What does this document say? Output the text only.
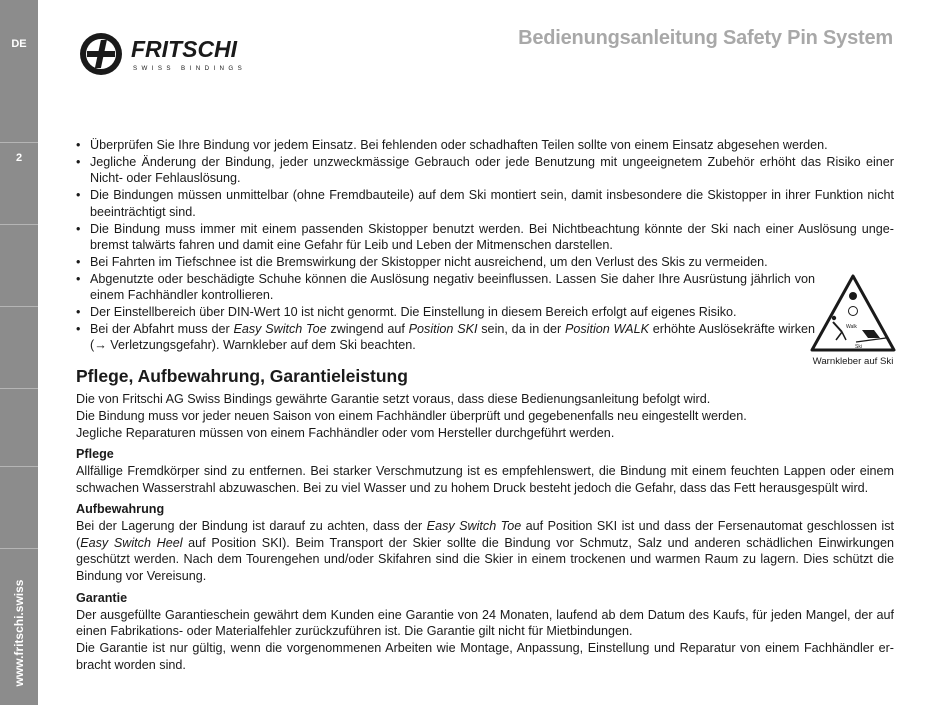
DE
2
www.fritschi.swiss
FRITSCHI
SWISS BINDINGS
Bedienungsanleitung Safety Pin System
• Überprüfen Sie Ihre Bindung vor jedem Einsatz. Bei fehlenden oder schadhaften Teilen sollte von einem Einsatz abgesehen werden.
• Jegliche Änderung der Bindung, jeder unzweckmässige Gebrauch oder jede Benutzung mit ungeeignetem Zubehör erhöht das Risiko einer Nicht- oder Fehlauslösung.
• Die Bindungen müssen unmittelbar (ohne Fremdbauteile) auf dem Ski montiert sein, damit insbesondere die Skistopper in ihrer Funktion nicht beeinträchtigt sind.
• Die Bindung muss immer mit einem passenden Skistopper benutzt werden. Bei Nichtbeachtung könnte der Ski nach einer Auslösung unge- bremst talwärts fahren und damit eine Gefahr für Leib und Leben der Mitmenschen darstellen.
• Bei Fahrten im Tiefschnee ist die Bremswirkung der Skistopper nicht ausreichend, um den Verlust des Skis zu vermeiden.
• Abgenutzte oder beschädigte Schuhe können die Auslösung negativ beeinflussen. Lassen Sie daher Ihre Ausrüstung jährlich von einem Fachhändler kontrollieren.
• Der Einstellbereich über DIN-Wert 10 ist nicht genormt. Die Einstellung in diesem Bereich erfolgt auf eigenes Risiko.
• Bei der Abfahrt muss der Easy Switch Toe zwingend auf Position SKI sein, da in der Position WALK erhöhte Auslösekräfte wirken (→ Verletzungsgefahr). Warnkleber auf dem Ski beachten.
Pflege, Aufbewahrung, Garantieleistung

Die von Fritschi AG Swiss Bindings gewährte Garantie setzt voraus, dass diese Bedienungsanleitung befolgt wird.

Die Bindung muss vor jeder neuen Saison von einem Fachhändler überprüft und gegebenenfalls neu eingestellt werden.

Jegliche Reparaturen müssen von einem Fachhändler oder vom Hersteller durchgeführt werden.

Pflege

Allfällige Fremdkörper sind zu entfernen. Bei starker Verschmutzung ist es empfehlenswert, die Bindung mit einem feuchten Lappen oder einem schwachen Wasserstrahl abzuwaschen. Bei zu viel Wasser und zu hohem Druck besteht jedoch die Gefahr, dass das Fett herausgespült wird.

Aufbewahrung

Bei der Lagerung der Bindung ist darauf zu achten, dass der Easy Switch Toe auf Position SKI ist und dass der Fersenautomat geschlossen ist (Easy Switch Heel auf Position SKI). Beim Transport der Skier sollte die Bindung vor Schmutz, Salz und anderen schädlichen Einwirkungen geschützt werden. Nach dem Tourengehen und/oder Skifahren sind die Skier in einem trockenen und warmen Raum zu lagern. Dies schützt die Bindung vor Vereisung.

Garantie

Der ausgefüllte Garantieschein gewährt dem Kunden eine Garantie von 24 Monaten, laufend ab dem Datum des Kaufs, für jeden Mangel, der auf einen Fabrikations- oder Materialfehler zurückzuführen ist. Die Garantie gilt nicht für Mietbindungen.

Die Garantie ist nur gültig, wenn die vorgenommenen Arbeiten wie Montage, Anpassung, Einstellung und Reparatur von einem Fachhändler er- bracht worden sind.

Walk
Ski
Warnkleber auf Ski
